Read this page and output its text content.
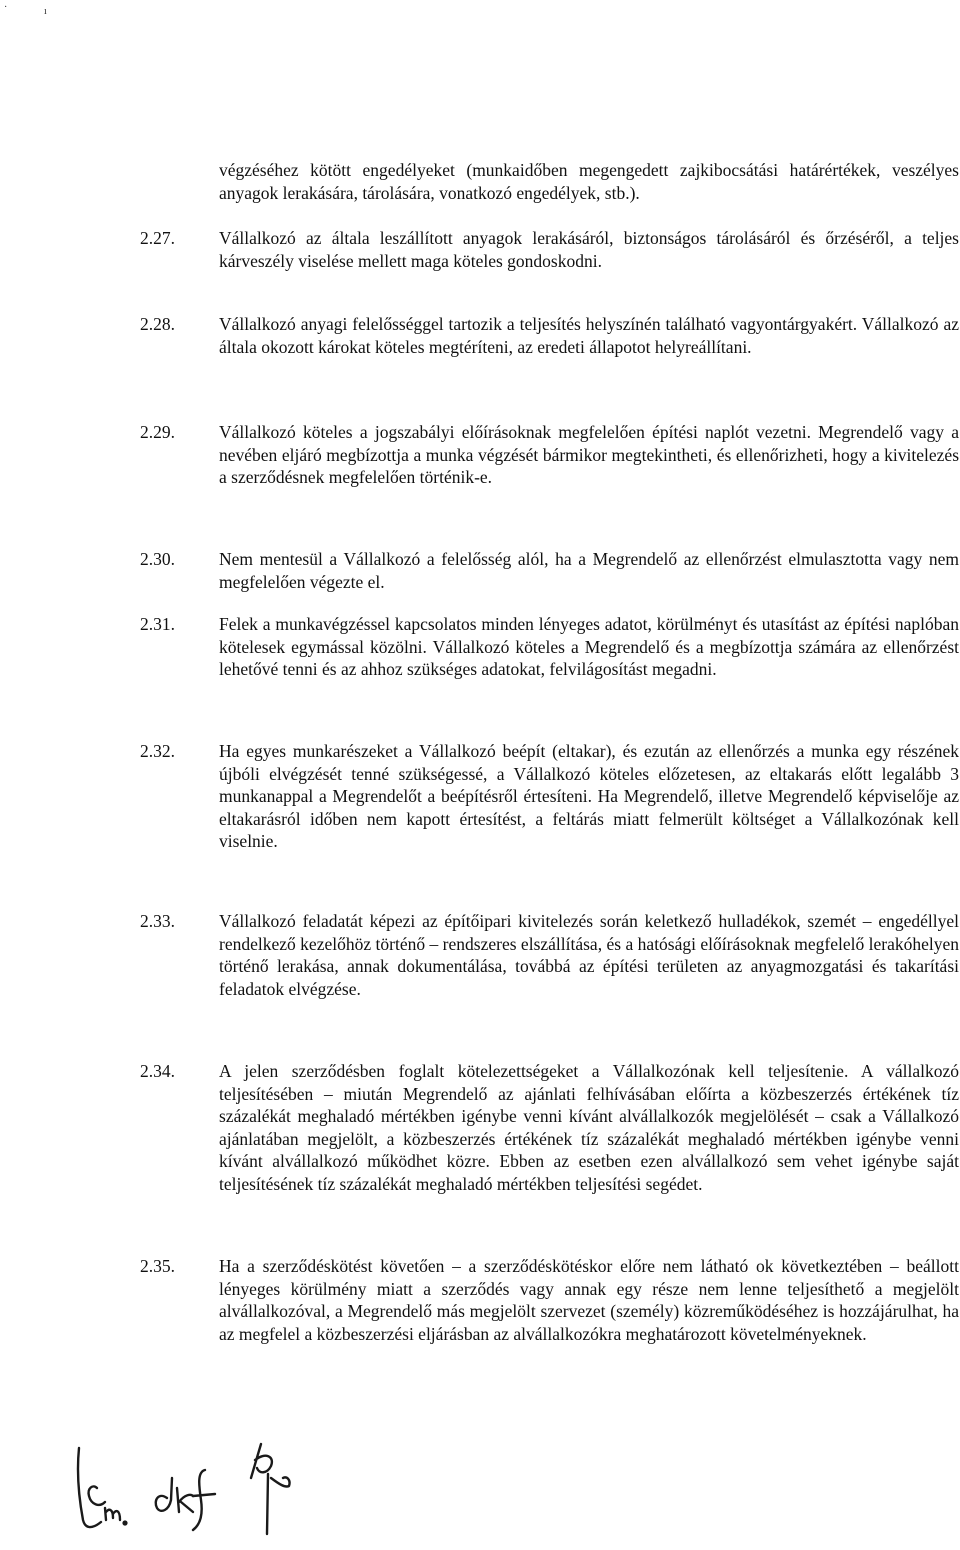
·	ı
végzéséhez kötött engedélyeket (munkaidőben megengedett zajkibocsátási határértékek, veszélyes anyagok lerakására, tárolására, vonatkozó engedélyek, stb.).
2.27.	Vállalkozó az általa leszállított anyagok lerakásáról, biztonságos tárolásáról és őrzéséről, a teljes kárveszély viselése mellett maga köteles gondoskodni.
2.28.	Vállalkozó anyagi felelősséggel tartozik a teljesítés helyszínén található vagyontárgyakért. Vállalkozó az általa okozott károkat köteles megtéríteni, az eredeti állapotot helyreállítani.
2.29.	Vállalkozó köteles a jogszabályi előírásoknak megfelelően építési naplót vezetni. Megrendelő vagy a nevében eljáró megbízottja a munka végzését bármikor megtekintheti, és ellenőrizheti, hogy a kivitelezés a szerződésnek megfelelően történik-e.
2.30.	Nem mentesül a Vállalkozó a felelősség alól, ha a Megrendelő az ellenőrzést elmulasztotta vagy nem megfelelően végezte el.
2.31.	Felek a munkavégzéssel kapcsolatos minden lényeges adatot, körülményt és utasítást az építési naplóban kötelesek egymással közölni. Vállalkozó köteles a Megrendelő és a megbízottja számára az ellenőrzést lehetővé tenni és az ahhoz szükséges adatokat, felvilágosítást megadni.
2.32.	Ha egyes munkarészeket a Vállalkozó beépít (eltakar), és ezután az ellenőrzés a munka egy részének újbóli elvégzését tenné szükségessé, a Vállalkozó köteles előzetesen, az eltakarás előtt legalább 3 munkanappal a Megrendelőt a beépítésről értesíteni. Ha Megrendelő, illetve Megrendelő képviselője az eltakarásról időben nem kapott értesítést, a feltárás miatt felmerült költséget a Vállalkozónak kell viselnie.
2.33.	Vállalkozó feladatát képezi az építőipari kivitelezés során keletkező hulladékok, szemét – engedéllyel rendelkező kezelőhöz történő – rendszeres elszállítása, és a hatósági előírásoknak megfelelő lerakóhelyen történő lerakása, annak dokumentálása, továbbá az építési területen az anyagmozgatási és takarítási feladatok elvégzése.
2.34.	A jelen szerződésben foglalt kötelezettségeket a Vállalkozónak kell teljesítenie. A vállalkozó teljesítésében – miután Megrendelő az ajánlati felhívásában előírta a közbeszerzés értékének tíz százalékát meghaladó mértékben igénybe venni kívánt alvállalkozók megjelölését – csak a Vállalkozó ajánlatában megjelölt, a közbeszerzés értékének tíz százalékát meghaladó mértékben igénybe venni kívánt alvállalkozó működhet közre. Ebben az esetben ezen alvállalkozó sem vehet igénybe saját teljesítésének tíz százalékát meghaladó mértékben teljesítési segédet.
2.35.	Ha a szerződéskötést követően – a szerződéskötéskor előre nem látható ok következtében – beállott lényeges körülmény miatt a szerződés vagy annak egy része nem lenne teljesíthető a megjelölt alvállalkozóval, a Megrendelő más megjelölt szervezet (személy) közreműködéséhez is hozzájárulhat, ha az megfelel a közbeszerzési eljárásban az alvállalkozókra meghatározott követelményeknek.
